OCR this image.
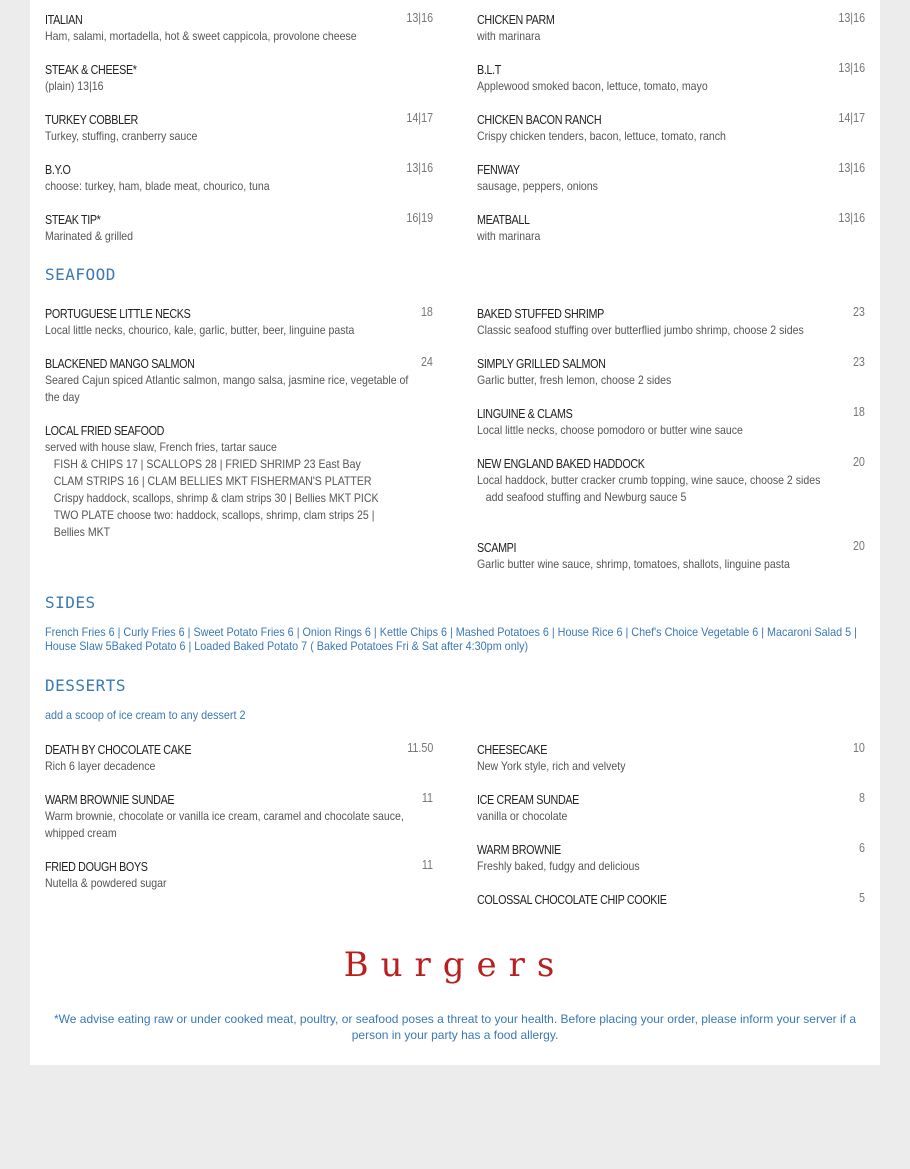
ITALIAN	13|16
Ham, salami, mortadella, hot & sweet cappicola, provolone cheese
STEAK & CHEESE*
(plain) 13|16
TURKEY COBBLER	14|17
Turkey, stuffing, cranberry sauce
B.Y.O	13|16
choose: turkey, ham, blade meat, chourico, tuna
STEAK TIP*	16|19
Marinated & grilled
CHICKEN PARM	13|16
with marinara
B.L.T	13|16
Applewood smoked bacon, lettuce, tomato, mayo
CHICKEN BACON RANCH	14|17
Crispy chicken tenders, bacon, lettuce, tomato, ranch
FENWAY	13|16
sausage, peppers, onions
MEATBALL	13|16
with marinara
SEAFOOD
PORTUGUESE LITTLE NECKS	18
Local little necks, chourico, kale, garlic, butter, beer, linguine pasta
BLACKENED MANGO SALMON	24
Seared Cajun spiced Atlantic salmon, mango salsa, jasmine rice, vegetable of the day
LOCAL FRIED SEAFOOD
served with house slaw, French fries, tartar sauce
FISH & CHIPS 17 | SCALLOPS 28 | FRIED SHRIMP 23 East Bay CLAM STRIPS 16 | CLAM BELLIES MKT FISHERMAN'S PLATTER Crispy haddock, scallops, shrimp & clam strips 30 | Bellies MKT PICK TWO PLATE choose two: haddock, scallops, shrimp, clam strips 25 | Bellies MKT
BAKED STUFFED SHRIMP	23
Classic seafood stuffing over butterflied jumbo shrimp, choose 2 sides
SIMPLY GRILLED SALMON	23
Garlic butter, fresh lemon, choose 2 sides
LINGUINE & CLAMS	18
Local little necks, choose pomodoro or butter wine sauce
NEW ENGLAND BAKED HADDOCK	20
Local haddock, butter cracker crumb topping, wine sauce, choose 2 sides
add seafood stuffing and Newburg sauce 5
SCAMPI	20
Garlic butter wine sauce, shrimp, tomatoes, shallots, linguine pasta
SIDES
French Fries 6 | Curly Fries 6 | Sweet Potato Fries 6 | Onion Rings 6 | Kettle Chips 6 | Mashed Potatoes 6 | House Rice 6 | Chef's Choice Vegetable 6 | Macaroni Salad 5 | House Slaw 5Baked Potato 6 | Loaded Baked Potato 7 ( Baked Potatoes Fri & Sat after 4:30pm only)
DESSERTS
add a scoop of ice cream to any dessert 2
DEATH BY CHOCOLATE CAKE	11.50
Rich 6 layer decadence
WARM BROWNIE SUNDAE	11
Warm brownie, chocolate or vanilla ice cream, caramel and chocolate sauce, whipped cream
FRIED DOUGH BOYS	11
Nutella & powdered sugar
CHEESECAKE	10
New York style, rich and velvety
ICE CREAM SUNDAE	8
vanilla or chocolate
WARM BROWNIE	6
Freshly baked, fudgy and delicious
COLOSSAL CHOCOLATE CHIP COOKIE	5
Burgers
*We advise eating raw or under cooked meat, poultry, or seafood poses a threat to your health. Before placing your order, please inform your server if a person in your party has a food allergy.
